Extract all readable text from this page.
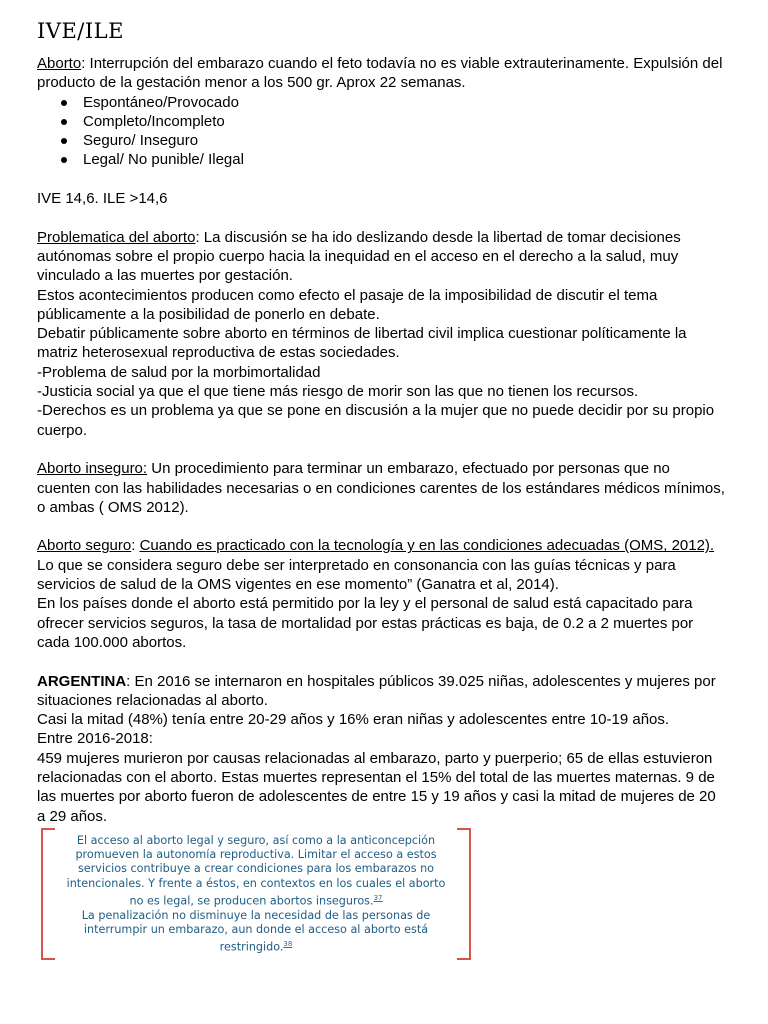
IVE/ILE

Aborto: Interrupción del embarazo cuando el feto todavía no es viable extrauterinamente. Expulsión del producto de la gestación menor a los 500 gr. Aprox 22 semanas.

Espontáneo/Provocado
Completo/Incompleto
Seguro/ Inseguro
Legal/ No punible/ Ilegal

IVE 14,6. ILE >14,6

Problematica del aborto: La discusión se ha ido deslizando desde la libertad de tomar decisiones autónomas sobre el propio cuerpo hacia la inequidad en el acceso en el derecho a la salud, muy vinculado a las muertes por gestación.

Estos acontecimientos producen como efecto el pasaje de la imposibilidad de discutir el tema públicamente a la posibilidad de ponerlo en debate.

Debatir públicamente sobre aborto en términos de libertad civil implica cuestionar políticamente la matriz heterosexual reproductiva de estas sociedades.

-Problema de salud por la morbimortalidad

-Justicia social ya que el que tiene más riesgo de morir son las que no tienen los recursos.

-Derechos es un problema ya que se pone en discusión a la mujer que no puede decidir por su propio cuerpo.

Aborto inseguro: Un procedimiento para terminar un embarazo, efectuado por personas que no cuenten con las habilidades necesarias o en condiciones carentes de los estándares médicos mínimos, o ambas ( OMS 2012).

Aborto seguro: Cuando es practicado con la tecnología y en las condiciones adecuadas (OMS, 2012). Lo que se considera seguro debe ser interpretado en consonancia con las guías técnicas y para servicios de salud de la OMS vigentes en ese momento” (Ganatra et al, 2014).

En los países donde el aborto está permitido por la ley y el personal de salud está capacitado para ofrecer servicios seguros, la tasa de mortalidad por estas prácticas es baja, de 0.2 a 2 muertes por cada 100.000 abortos.

ARGENTINA: En 2016 se internaron en hospitales públicos 39.025 niñas, adolescentes y mujeres por situaciones relacionadas al aborto.

Casi la mitad (48%) tenía entre 20-29 años y 16% eran niñas y adolescentes entre 10-19 años.

Entre 2016-2018:

459 mujeres murieron por causas relacionadas al embarazo, parto y puerperio; 65 de ellas estuvieron relacionadas con el aborto. Estas muertes representan el 15% del total de las muertes maternas. 9 de las muertes por aborto fueron de adolescentes de entre 15 y 19 años y casi la mitad de mujeres de 20 a 29 años.

El acceso al aborto legal y seguro, así como a la anticoncepción promueven la autonomía reproductiva. Limitar el acceso a estos servicios contribuye a crear condiciones para los embarazos no intencionales. Y frente a éstos, en contextos en los cuales el aborto no es legal, se producen abortos inseguros.$^{37}$
La penalización no disminuye la necesidad de las personas de interrumpir un embarazo, aun donde el acceso al aborto está restringido.$^{38}$
